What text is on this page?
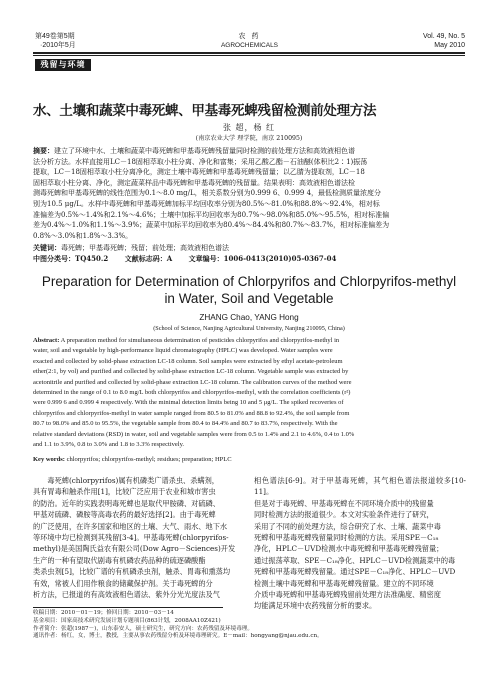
第49卷第5期
·2010年5月
农 药
AGROCHEMICALS
Vol. 49, No. 5
May 2010
残留与环境
水、土壤和蔬菜中毒死蜱、甲基毒死蜱残留检测前处理方法
张 超，杨 红
(南京农业大学 理学院，南京 210095)
摘要：建立了环境中水、土壤和蔬菜中毒死蜱和甲基毒死蜱残留量同时检测的前处理方法和高效液相色谱
法分析方法。水样直接用LC－18固相萃取小柱分离、净化和富集；采用乙酸乙酯－石油醚(体积比2∶1)振荡
提取，LC－18固相萃取小柱分离净化，测定土壤中毒死蜱和甲基毒死蜱残留量；以乙腈为提取剂，LC－18
固相萃取小柱分离、净化，测定蔬菜样品中毒死蜱和甲基毒死蜱的残留量。结果表明：高效液相色谱法检
测毒死蜱和甲基毒死蜱的线性范围为0.1～8.0 mg/L，相关系数分别为0.999 6、0.999 4，最低检测质量浓度分
别为10.5 μg/L。水样中毒死蜱和甲基毒死蜱加标平均回收率分别为80.5%～81.0%和88.8%～92.4%，相对标
准偏差为0.5%～1.4%和2.1%～4.6%；土壤中加标平均回收率为80.7%～98.0%和85.0%～95.5%，相对标准偏
差为0.4%～1.0%和1.1%～3.9%；蔬菜中加标平均回收率为80.4%～84.4%和80.7%～83.7%，相对标准偏差为
0.8%～3.0%和1.8%～3.3%。
关键词：毒死蜱；甲基毒死蜱；残留；前处理；高效液相色谱法
中图分类号：TQ450.2 文献标志码：A 文章编号：1006-0413(2010)05-0367-04
Preparation for Determination of Chlorpyrifos and Chlorpyrifos-methyl
in Water, Soil and Vegetable
ZHANG Chao, YANG Hong
(School of Science, Nanjing Agricultural University, Nanjing 210095, China)
Abstract: A preparation method for simultaneous determination of pesticides chlorpyrifos and chlorpyrifos-methyl in
water, soil and vegetable by high-performance liquid chromatography (HPLC) was developed. Water samples were
exacted and collected by solid-phase extraction LC-18 column. Soil samples were extracted by ethyl acetate-petroleum
ether(2:1, by vol) and purified and collected by solid-phase extraction LC-18 column. Vegetable sample was extracted by
acetonitrile and purified and collected by solid-phase extraction LC-18 column. The calibration curves of the method were
determined in the range of 0.1 to 8.0 mg/L both chlorpyrifos and chlorpyrifos-methyl, with the correlation coefficients (r²)
were 0.999 6 and 0.999 4 respectively. With the minimal detection limits being 10 and 5 μg/L. The spiked recoveries of
chlorpyrifos and chlorpyrifos-methyl in water sample ranged from 80.5 to 81.0% and 88.8 to 92.4%, the soil sample from
80.7 to 98.0% and 85.0 to 95.5%, the vegetable sample from 80.4 to 84.4% and 80.7 to 83.7%, respectively. With the
relative standard deviations (RSD) in water, soil and vegetable samples were from 0.5 to 1.4% and 2.1 to 4.6%, 0.4 to 1.0%
and 1.1 to 3.9%, 0.8 to 3.0% and 1.8 to 3.3% respectively.
Key words: chlorpyrifos; chlorpyrifos-methyl; residues; preparation; HPLC
　　毒死蜱(chlorpyrifos)属有机磷类广谱杀虫、杀螨剂，
具有胃毒和触杀作用[1]，比较广泛应用于农业和城市害虫
的防治。近年的实践表明毒死蜱也是取代甲胺磷、对硫磷、
甲基对硫磷、磷胺等高毒农药的最好选择[2]。由于毒死蜱
的广泛使用，在许多国家和地区的土壤、大气、雨水、地下水
等环境中均已检测到其残留[3-4]。甲基毒死蜱(chlorpyrifos-
methyl)是美国陶氏益农有限公司(Dow Agro－Sciences)开发
生产的一种有望取代剧毒有机磷农药品种的硫逐磷酸酯
类杀虫剂[5]，比较广谱的有机磷杀虫剂，触杀、胃毒和熏蒸均
有效，常被人们用作粮食的储藏保护剂。关于毒死蜱的分
析方法，已报道的有高效液相色谱法、紫外分光光度法及气
相色谱法[6-9]。对于甲基毒死蜱，其气相色谱法报道较多[10-11]。
但是对于毒死蜱、甲基毒死蜱在不同环境介质中的残留量
同时检测方法的报道很少。本文对实验条件进行了研究，
采用了不同的前处理方法，综合研究了水、土壤、蔬菜中毒
死蜱和甲基毒死蜱残留量同时检测的方法。采用SPE－C₁₈
净化，HPLC－UVD检测水中毒死蜱和甲基毒死蜱残留量；
通过振荡萃取、SPE－C₁₈净化、HPLC－UVD检测蔬菜中的毒
死蜱和甲基毒死蜱残留量。通过SPE－C₁₈净化、HPLC－UVD
检测土壤中毒死蜱和甲基毒死蜱残留量。建立的不同环境
介质中毒死蜱和甲基毒死蜱残留前处理方法准确度、精密度
均能满足环境中农药残留分析的要求。
收稿日期：2010－01－19；修回日期：2010－03－14
基金项目：国家高技术研究发展计划专题项目(863计划，2008AA10Z421)
作者简介：张超(1987－)，山东泰安人，硕士研究生，研究方向：农药残留及环境毒理。
通讯作者：杨红，女，博士，教授，主要从事农药残留分析及环境毒理研究。E－mail：hongyang@njau.edu.cn。
